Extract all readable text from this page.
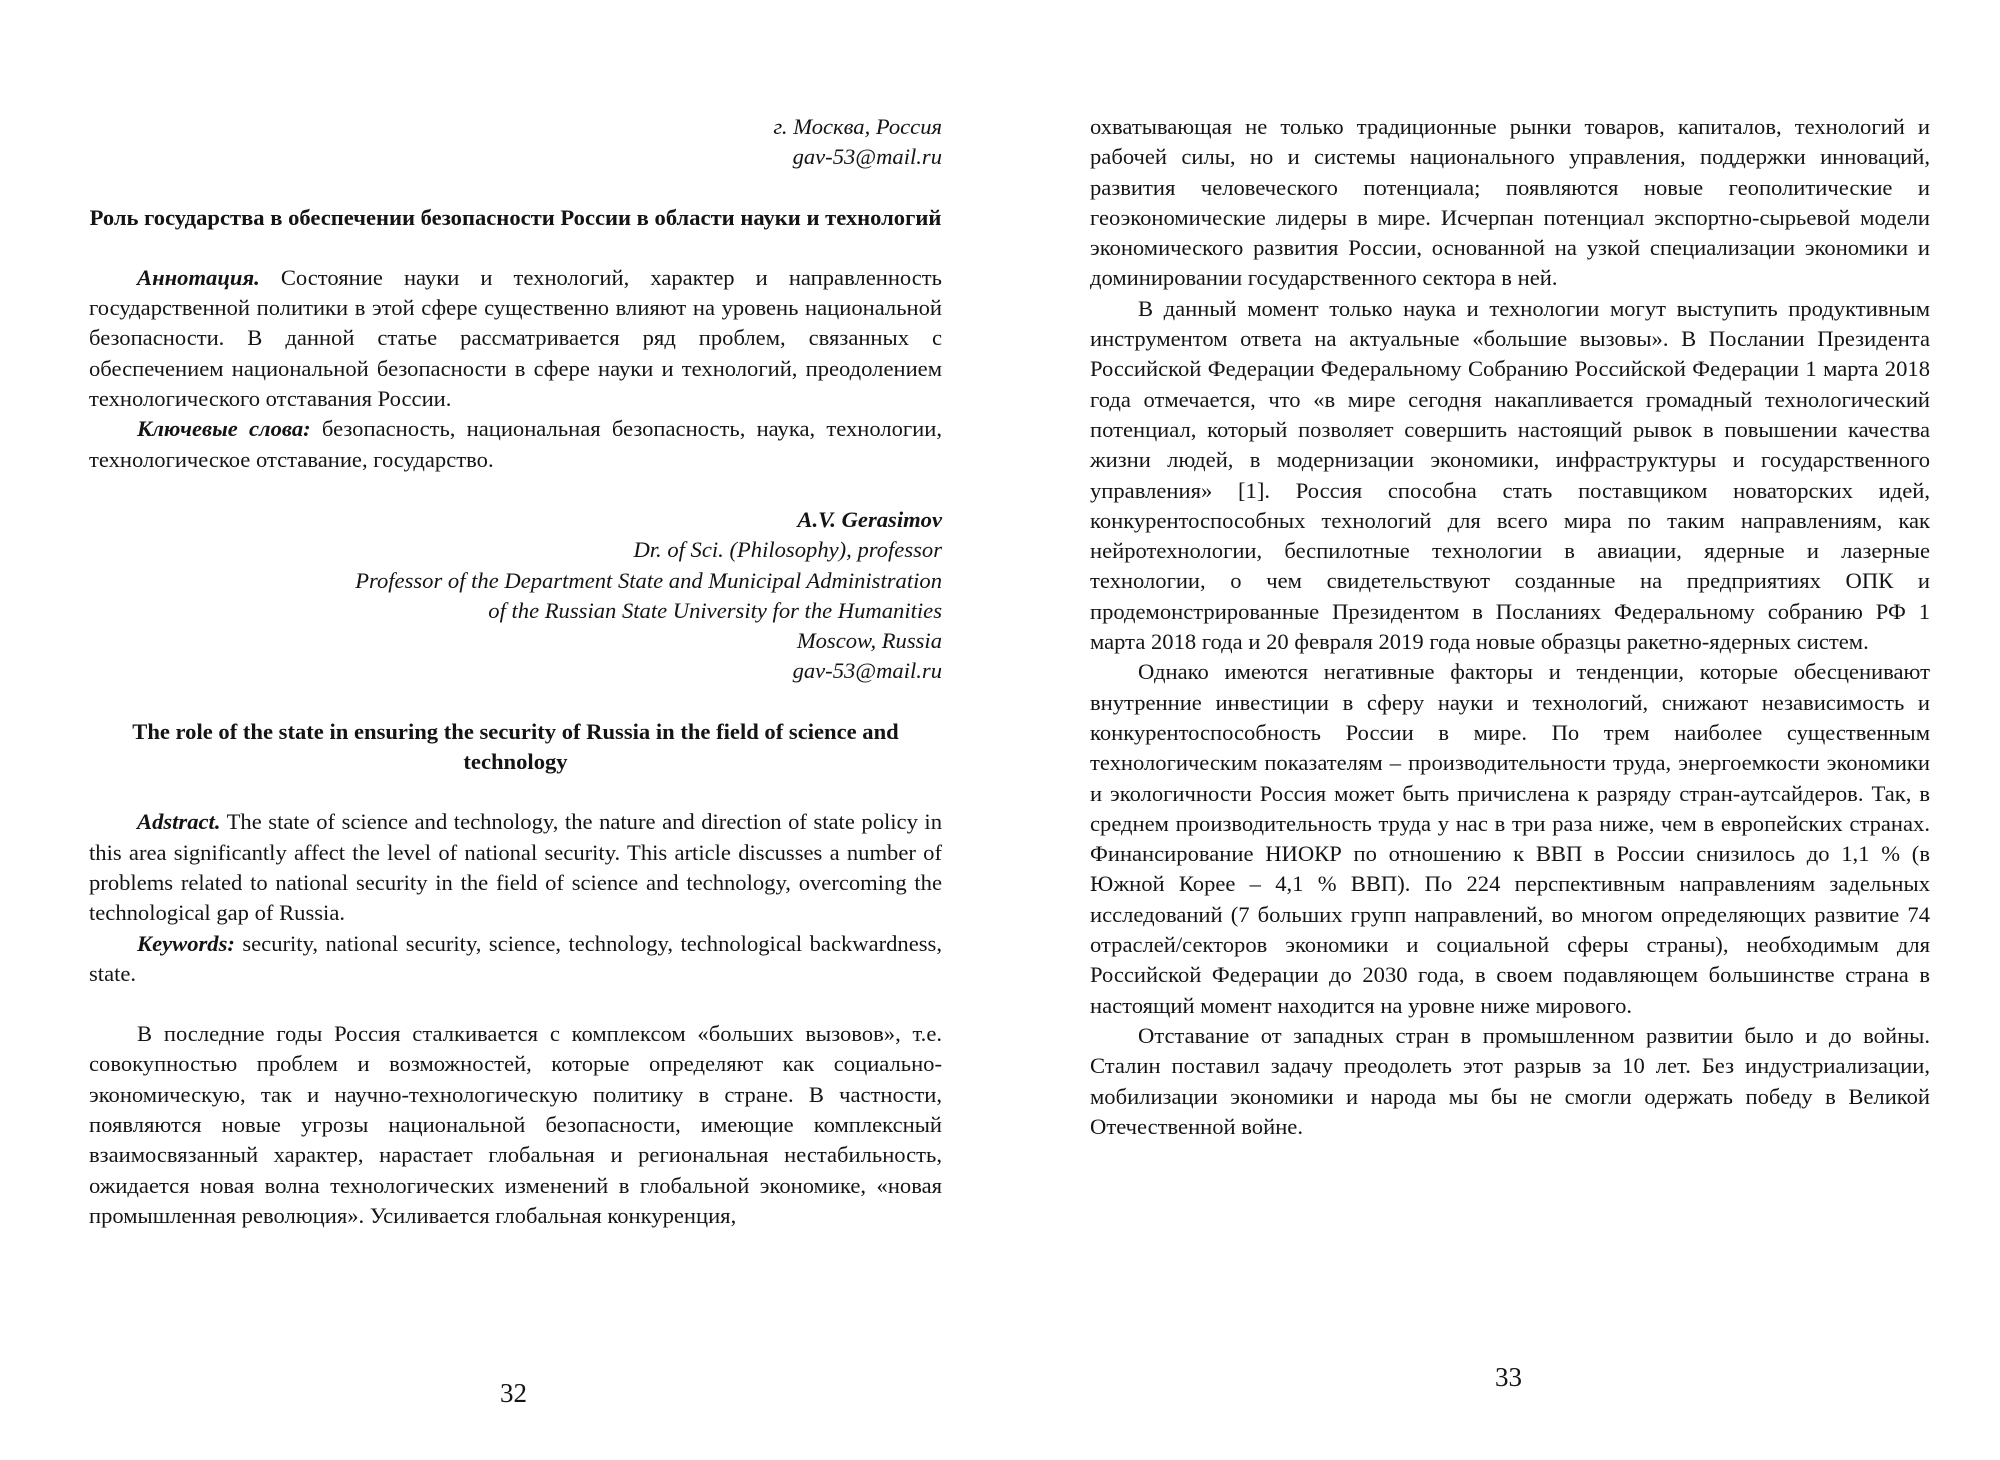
г. Москва, Россия
gav-53@mail.ru
Роль государства в обеспечении безопасности России в области науки и технологий

Аннотация. Состояние науки и технологий, характер и направленность государственной политики в этой сфере существенно влияют на уровень национальной безопасности. В данной статье рассматривается ряд проблем, связанных с обеспечением национальной безопасности в сфере науки и технологий, преодолением технологического отставания России.

Ключевые слова: безопасность, национальная безопасность, наука, технологии, технологическое отставание, государство.

A.V. Gerasimov
Dr. of Sci. (Philosophy), professor
Professor of the Department State and Municipal Administration
of the Russian State University for the Humanities
Moscow, Russia
gav-53@mail.ru
The role of the state in ensuring the security of Russia in the field of science and technology

Adstract. The state of science and technology, the nature and direction of state policy in this area significantly affect the level of national security. This article discusses a number of problems related to national security in the field of science and technology, overcoming the technological gap of Russia.

Keywords: security, national security, science, technology, technological backwardness, state.

В последние годы Россия сталкивается с комплексом «больших вызовов», т.е. совокупностью проблем и возможностей, которые определяют как социально-экономическую, так и научно-технологическую политику в стране. В частности, появляются новые угрозы национальной безопасности, имеющие комплексный взаимосвязанный характер, нарастает глобальная и региональная нестабильность, ожидается новая волна технологических изменений в глобальной экономике, «новая промышленная революция». Усиливается глобальная конкуренция,

32

охватывающая не только традиционные рынки товаров, капиталов, технологий и рабочей силы, но и системы национального управления, поддержки инноваций, развития человеческого потенциала; появляются новые геополитические и геоэкономические лидеры в мире. Исчерпан потенциал экспортно-сырьевой модели экономического развития России, основанной на узкой специализации экономики и доминировании государственного сектора в ней.

В данный момент только наука и технологии могут выступить продуктивным инструментом ответа на актуальные «большие вызовы». В Послании Президента Российской Федерации Федеральному Собранию Российской Федерации 1 марта 2018 года отмечается, что «в мире сегодня накапливается громадный технологический потенциал, который позволяет совершить настоящий рывок в повышении качества жизни людей, в модернизации экономики, инфраструктуры и государственного управления» [1]. Россия способна стать поставщиком новаторских идей, конкурентоспособных технологий для всего мира по таким направлениям, как нейротехнологии, беспилотные технологии в авиации, ядерные и лазерные технологии, о чем свидетельствуют созданные на предприятиях ОПК и продемонстрированные Президентом в Посланиях Федеральному собранию РФ 1 марта 2018 года и 20 февраля 2019 года новые образцы ракетно-ядерных систем.

Однако имеются негативные факторы и тенденции, которые обесценивают внутренние инвестиции в сферу науки и технологий, снижают независимость и конкурентоспособность России в мире. По трем наиболее существенным технологическим показателям – производительности труда, энергоемкости экономики и экологичности Россия может быть причислена к разряду стран-аутсайдеров. Так, в среднем производительность труда у нас в три раза ниже, чем в европейских странах. Финансирование НИОКР по отношению к ВВП в России снизилось до 1,1 % (в Южной Корее – 4,1 % ВВП). По 224 перспективным направлениям задельных исследований (7 больших групп направлений, во многом определяющих развитие 74 отраслей/секторов экономики и социальной сферы страны), необходимым для Российской Федерации до 2030 года, в своем подавляющем большинстве страна в настоящий момент находится на уровне ниже мирового.

Отставание от западных стран в промышленном развитии было и до войны. Сталин поставил задачу преодолеть этот разрыв за 10 лет. Без индустриализации, мобилизации экономики и народа мы бы не смогли одержать победу в Великой Отечественной войне.

33
